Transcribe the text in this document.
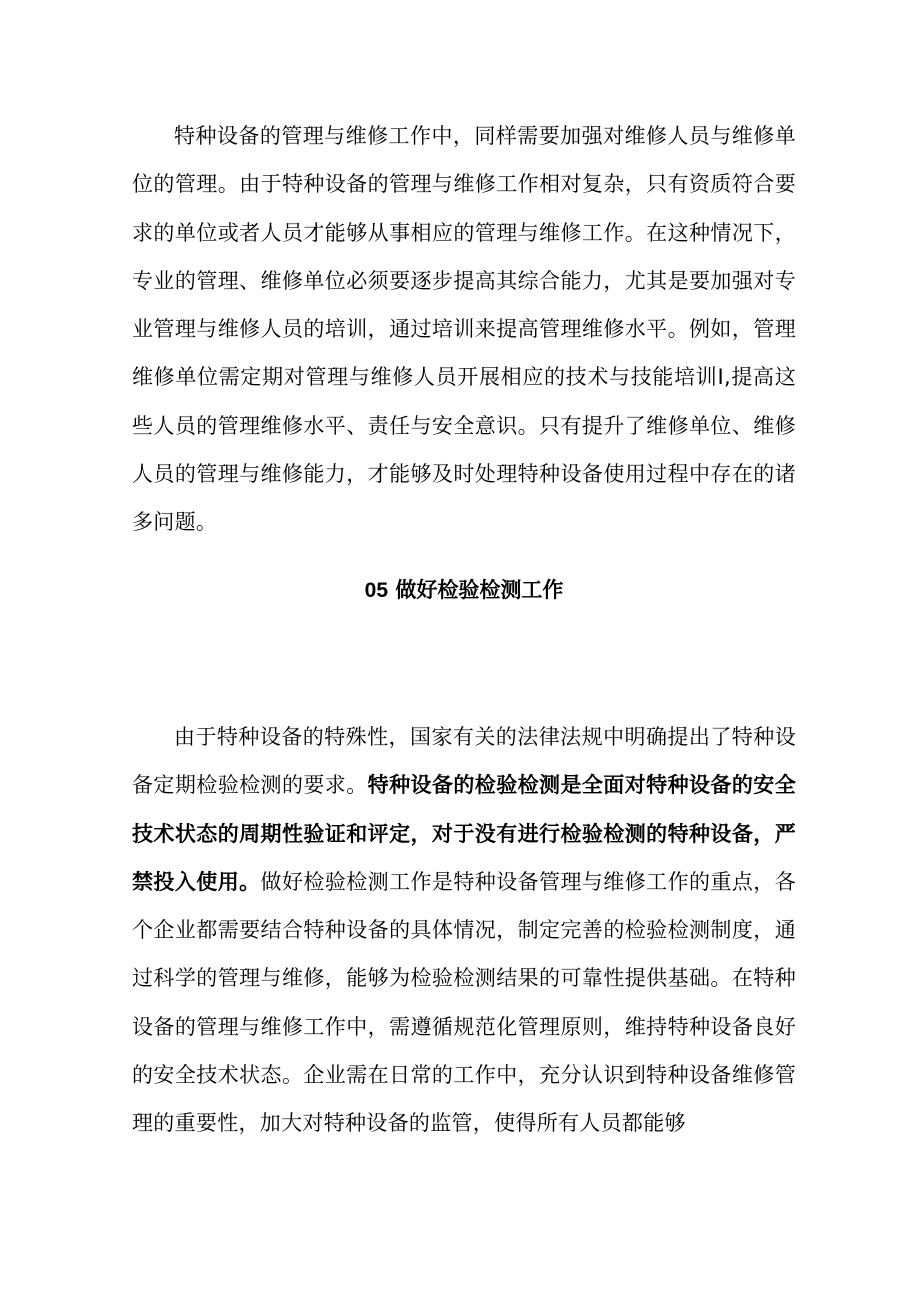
特种设备的管理与维修工作中，同样需要加强对维修人员与维修单位的管理。由于特种设备的管理与维修工作相对复杂，只有资质符合要求的单位或者人员才能够从事相应的管理与维修工作。在这种情况下，专业的管理、维修单位必须要逐步提高其综合能力，尤其是要加强对专业管理与维修人员的培训，通过培训来提高管理维修水平。例如，管理维修单位需定期对管理与维修人员开展相应的技术与技能培训I,提高这些人员的管理维修水平、责任与安全意识。只有提升了维修单位、维修人员的管理与维修能力，才能够及时处理特种设备使用过程中存在的诸多问题。

05 做好检验检测工作

由于特种设备的特殊性，国家有关的法律法规中明确提出了特种设备定期检验检测的要求。特种设备的检验检测是全面对特种设备的安全技术状态的周期性验证和评定，对于没有进行检验检测的特种设备，严禁投入使用。做好检验检测工作是特种设备管理与维修工作的重点，各个企业都需要结合特种设备的具体情况，制定完善的检验检测制度，通过科学的管理与维修，能够为检验检测结果的可靠性提供基础。在特种设备的管理与维修工作中，需遵循规范化管理原则，维持特种设备良好的安全技术状态。企业需在日常的工作中，充分认识到特种设备维修管理的重要性，加大对特种设备的监管，使得所有人员都能够
